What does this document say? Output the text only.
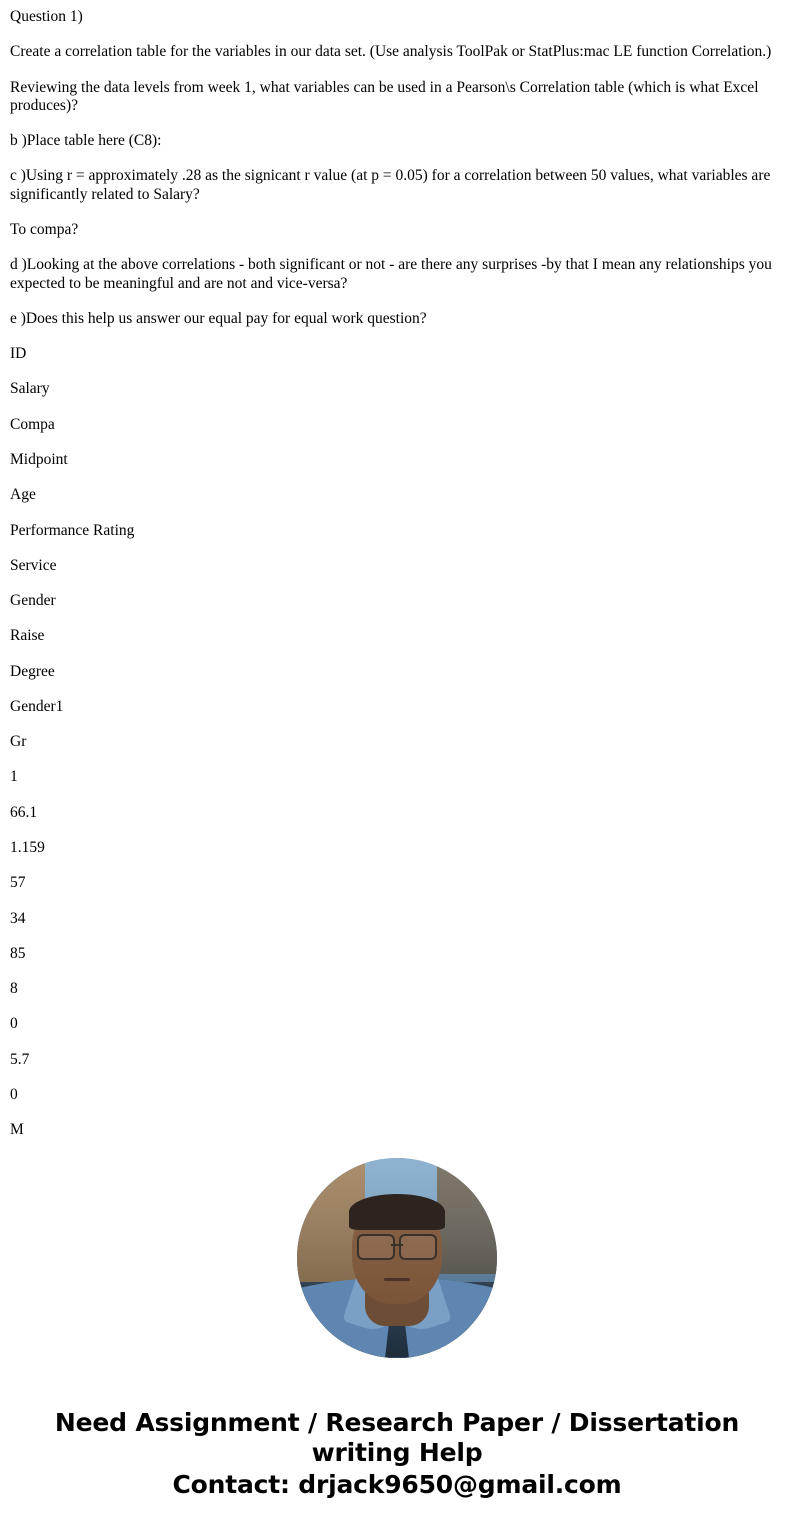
Question 1)

Create a correlation table for the variables in our data set. (Use analysis ToolPak or StatPlus:mac LE function Correlation.)

Reviewing the data levels from week 1, what variables can be used in a Pearson\s Correlation table (which is what Excel produces)?

b )Place table here (C8):

c )Using r = approximately .28 as the signicant r value (at p = 0.05) for a correlation between 50 values, what variables are significantly related to Salary?

To compa?

d )Looking at the above correlations - both significant or not - are there any surprises -by that I mean any relationships you expected to be meaningful and are not and vice-versa?

e )Does this help us answer our equal pay for equal work question?

ID
Salary
Compa
Midpoint
Age
Performance Rating
Service
Gender
Raise
Degree
Gender1
Gr
1
66.1
1.159
57
34
85
8
0
5.7
0
M
Need Assignment / Research Paper / Dissertation writing Help
Contact: drjack9650@gmail.com
